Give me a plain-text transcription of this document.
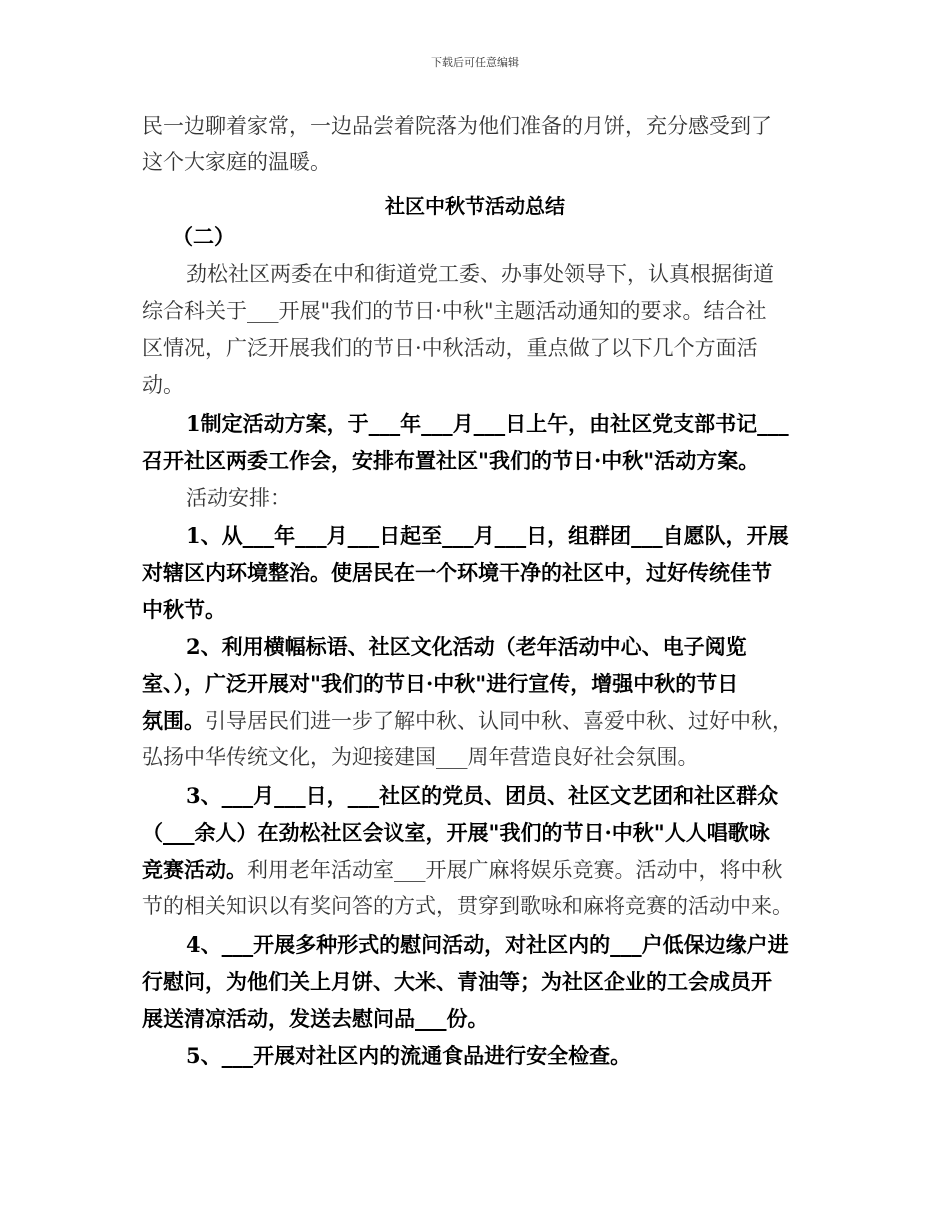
下载后可任意编辑
民一边聊着家常，一边品尝着院落为他们准备的月饼，充分感受到了
这个大家庭的温暖。
社区中秋节活动总结
（二）
劲松社区两委在中和街道党工委、办事处领导下，认真根据街道
综合科关于___开展"我们的节日·中秋"主题活动通知的要求。结合社
区情况，广泛开展我们的节日·中秋活动，重点做了以下几个方面活
动。
1制定活动方案，于___年___月___日上午，由社区党支部书记___
召开社区两委工作会，安排布置社区"我们的节日·中秋"活动方案。
活动安排：
1、从___年___月___日起至___月___日，组群团___自愿队，开展
对辖区内环境整治。使居民在一个环境干净的社区中，过好传统佳节
中秋节。
2、利用横幅标语、社区文化活动（老年活动中心、电子阅览
室、），广泛开展对"我们的节日·中秋"进行宣传，增强中秋的节日
氛围。引导居民们进一步了解中秋、认同中秋、喜爱中秋、过好中秋，
弘扬中华传统文化，为迎接建国___周年营造良好社会氛围。
3、___月___日，___社区的党员、团员、社区文艺团和社区群众
（___余人）在劲松社区会议室，开展"我们的节日·中秋"人人唱歌咏
竞赛活动。利用老年活动室___开展广麻将娱乐竞赛。活动中，将中秋
节的相关知识以有奖问答的方式，贯穿到歌咏和麻将竞赛的活动中来。
4、___开展多种形式的慰问活动，对社区内的___户低保边缘户进
行慰问，为他们关上月饼、大米、青油等；为社区企业的工会成员开
展送清凉活动，发送去慰问品___份。
5、___开展对社区内的流通食品进行安全检查。
